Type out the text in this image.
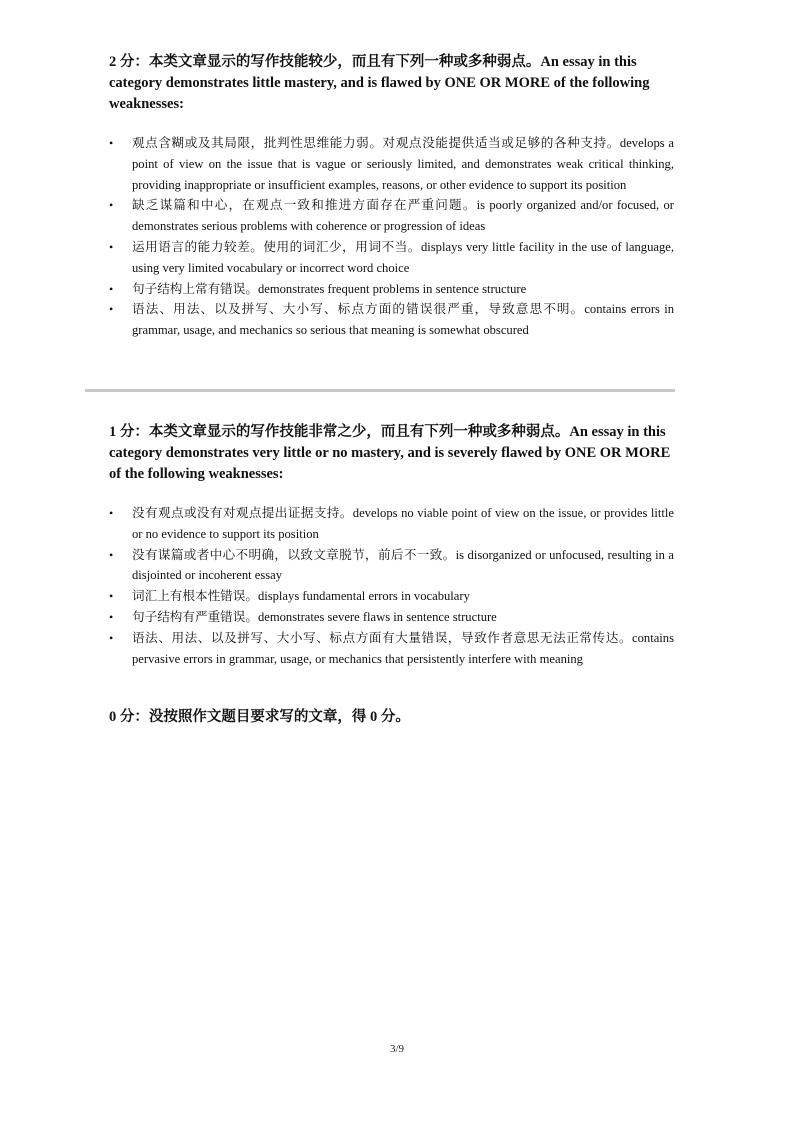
2 分：本类文章显示的写作技能较少，而且有下列一种或多种弱点。An essay in this category demonstrates little mastery, and is flawed by ONE OR MORE of the following weaknesses:

• 观点含糊或及其局限，批判性思维能力弱。对观点没能提供适当或足够的各种支持。develops a point of view on the issue that is vague or seriously limited, and demonstrates weak critical thinking, providing inappropriate or insufficient examples, reasons, or other evidence to support its position
• 缺乏谋篇和中心，在观点一致和推进方面存在严重问题。is poorly organized and/or focused, or demonstrates serious problems with coherence or progression of ideas
• 运用语言的能力较差。使用的词汇少，用词不当。displays very little facility in the use of language, using very limited vocabulary or incorrect word choice
• 句子结构上常有错误。demonstrates frequent problems in sentence structure
• 语法、用法、以及拼写、大小写、标点方面的错误很严重，导致意思不明。contains errors in grammar, usage, and mechanics so serious that meaning is somewhat obscured

1 分：本类文章显示的写作技能非常之少，而且有下列一种或多种弱点。An essay in this category demonstrates very little or no mastery, and is severely flawed by ONE OR MORE of the following weaknesses:

• 没有观点或没有对观点提出证据支持。develops no viable point of view on the issue, or provides little or no evidence to support its position
• 没有谋篇或者中心不明确，以致文章脱节，前后不一致。is disorganized or unfocused, resulting in a disjointed or incoherent essay
• 词汇上有根本性错误。displays fundamental errors in vocabulary
• 句子结构有严重错误。demonstrates severe flaws in sentence structure
• 语法、用法、以及拼写、大小写、标点方面有大量错误，导致作者意思无法正常传达。contains pervasive errors in grammar, usage, or mechanics that persistently interfere with meaning

0 分：没按照作文题目要求写的文章，得 0 分。

3/9
